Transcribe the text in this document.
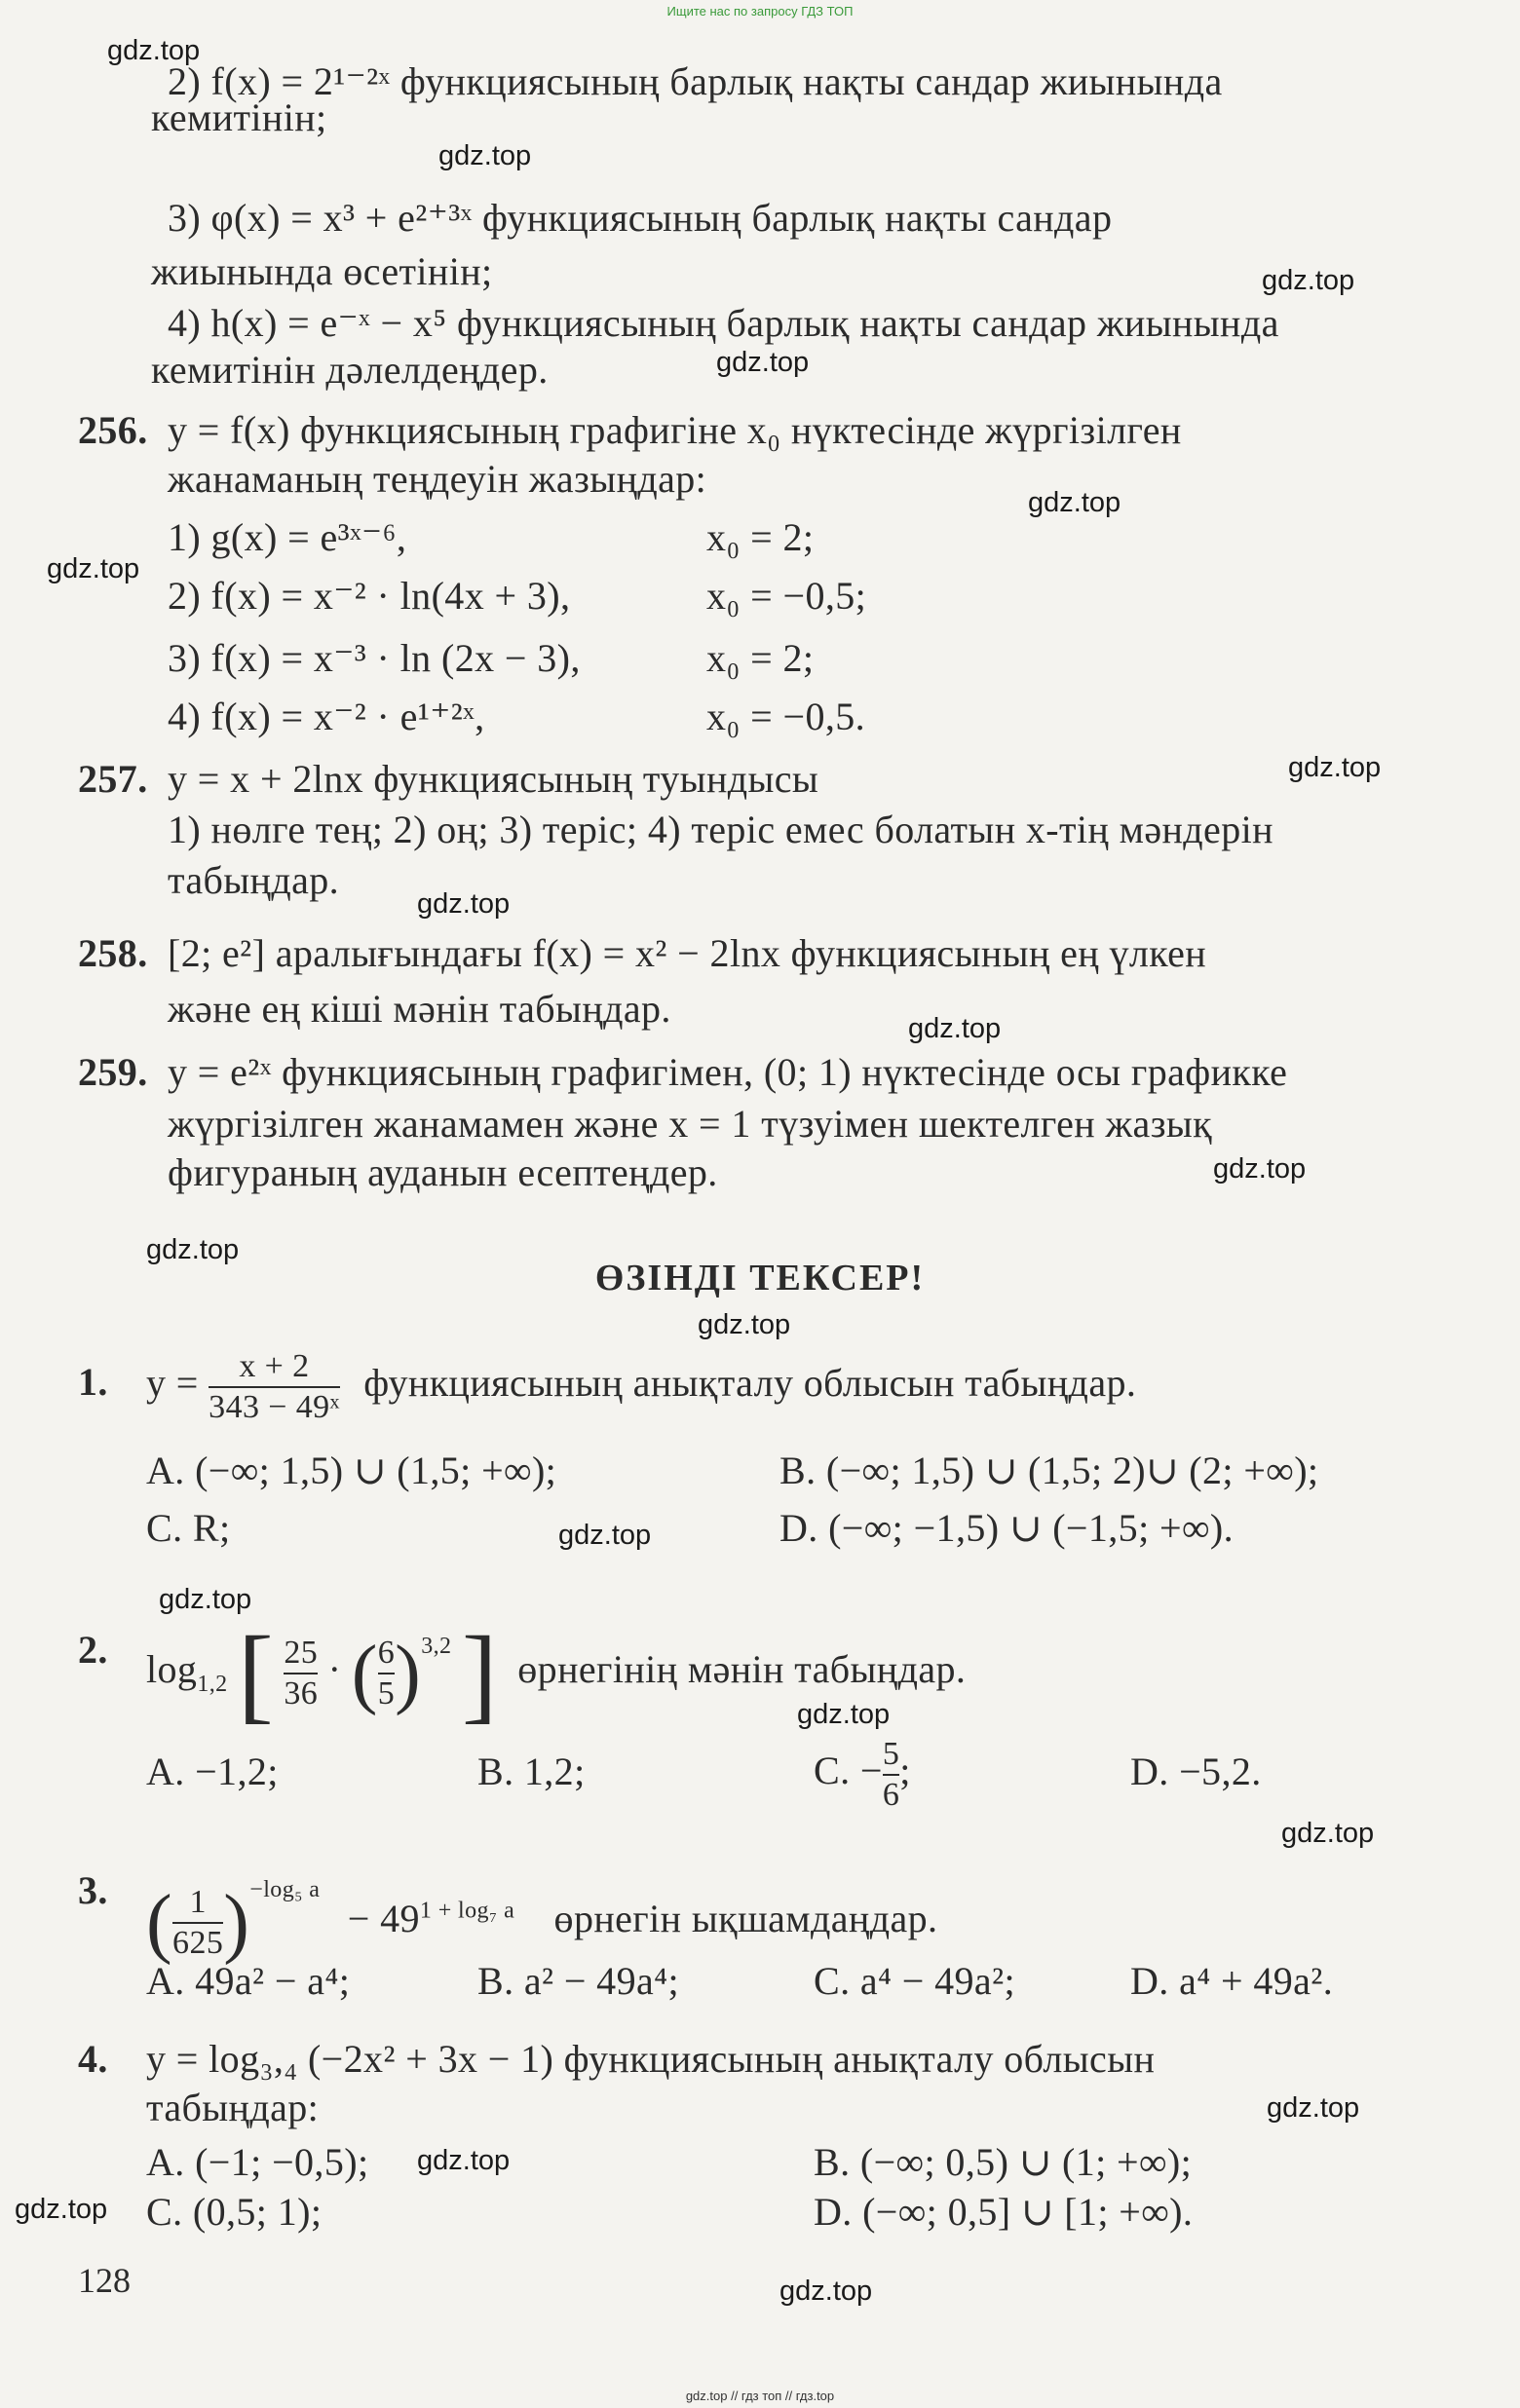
Ищите нас по запросу ГДЗ ТОП
2) f(x) = 2¹⁻²ˣ функциясының барлық нақты сандар жиынында
кемитінін;
3) φ(x) = x³ + e²⁺³ˣ функциясының барлық нақты сандар
жиынында өсетінін;
4) h(x) = e⁻ˣ − x⁵ функциясының барлық нақты сандар жиынында
кемитінін дәлелдеңдер.
256. y = f(x) функциясының графигіне x₀ нүктесінде жүргізілген
жанаманың теңдеуін жазыңдар:
1) g(x) = e³ˣ⁻⁶,	x₀ = 2;
2) f(x) = x⁻² · ln(4x + 3),	x₀ = −0,5;
3) f(x) = x⁻³ · ln (2x − 3),	x₀ = 2;
4) f(x) = x⁻² · e¹⁺²ˣ,	x₀ = −0,5.
257. y = x + 2lnx функциясының туындысы
1) нөлге тең; 2) оң; 3) теріс; 4) теріс емес болатын x-тің мәндерін
табыңдар.
258. [2; e²] аралығындағы f(x) = x² − 2lnx функциясының ең үлкен
және ең кіші мәнін табыңдар.
259. y = e²ˣ функциясының графигімен, (0; 1) нүктесінде осы графикке
жүргізілген жанамамен және x = 1 түзуімен шектелген жазық
фигураның ауданын есептеңдер.
ӨЗІНДІ ТЕКСЕР!
1. $y = \frac{x + 2}{\text{343 − 49ˣ}}$ функциясының анықталу облысын табыңдар.
A. (−∞; 1,5) ∪ (1,5; +∞);	B. (−∞; 1,5) ∪ (1,5; 2)∪ (2; +∞);
C. R;	D. (−∞; −1,5) ∪ (−1,5; +∞).
2. $\log_{1,2}$ [ $\frac{25}{36}$ · ( $\frac{6}{5} )^{3,2}$ ] өрнегінің мәнін табыңдар.
A. −1,2;	B. 1,2;	C. − $\frac{5}{6}$ ;	D. −5,2.
3. ( $\frac{1}{625} )^{-log_5 a} - 49^{1 + log_7 a}$ өрнегін ықшамдаңдар.
A. 49a² − a⁴;	B. a² − 49a⁴;	C. a⁴ − 49a²;	D. a⁴ + 49a².
4. y = log₃,₄ (−2x² + 3x − 1) функциясының анықталу облысын
табыңдар:
A. (−1; −0,5);	B. (−∞; 0,5) ∪ (1; +∞);
C. (0,5; 1);	D. (−∞; 0,5] ∪ [1; +∞).
128
gdz.top
gdz.top
gdz.top
gdz.top
gdz.top
gdz.top
gdz.top
gdz.top
gdz.top
gdz.top
gdz.top
gdz.top
gdz.top
gdz.top
gdz.top
gdz.top
gdz.top
gdz.top
gdz.top
gdz.top
gdz.top // гдз топ // гдз.top
